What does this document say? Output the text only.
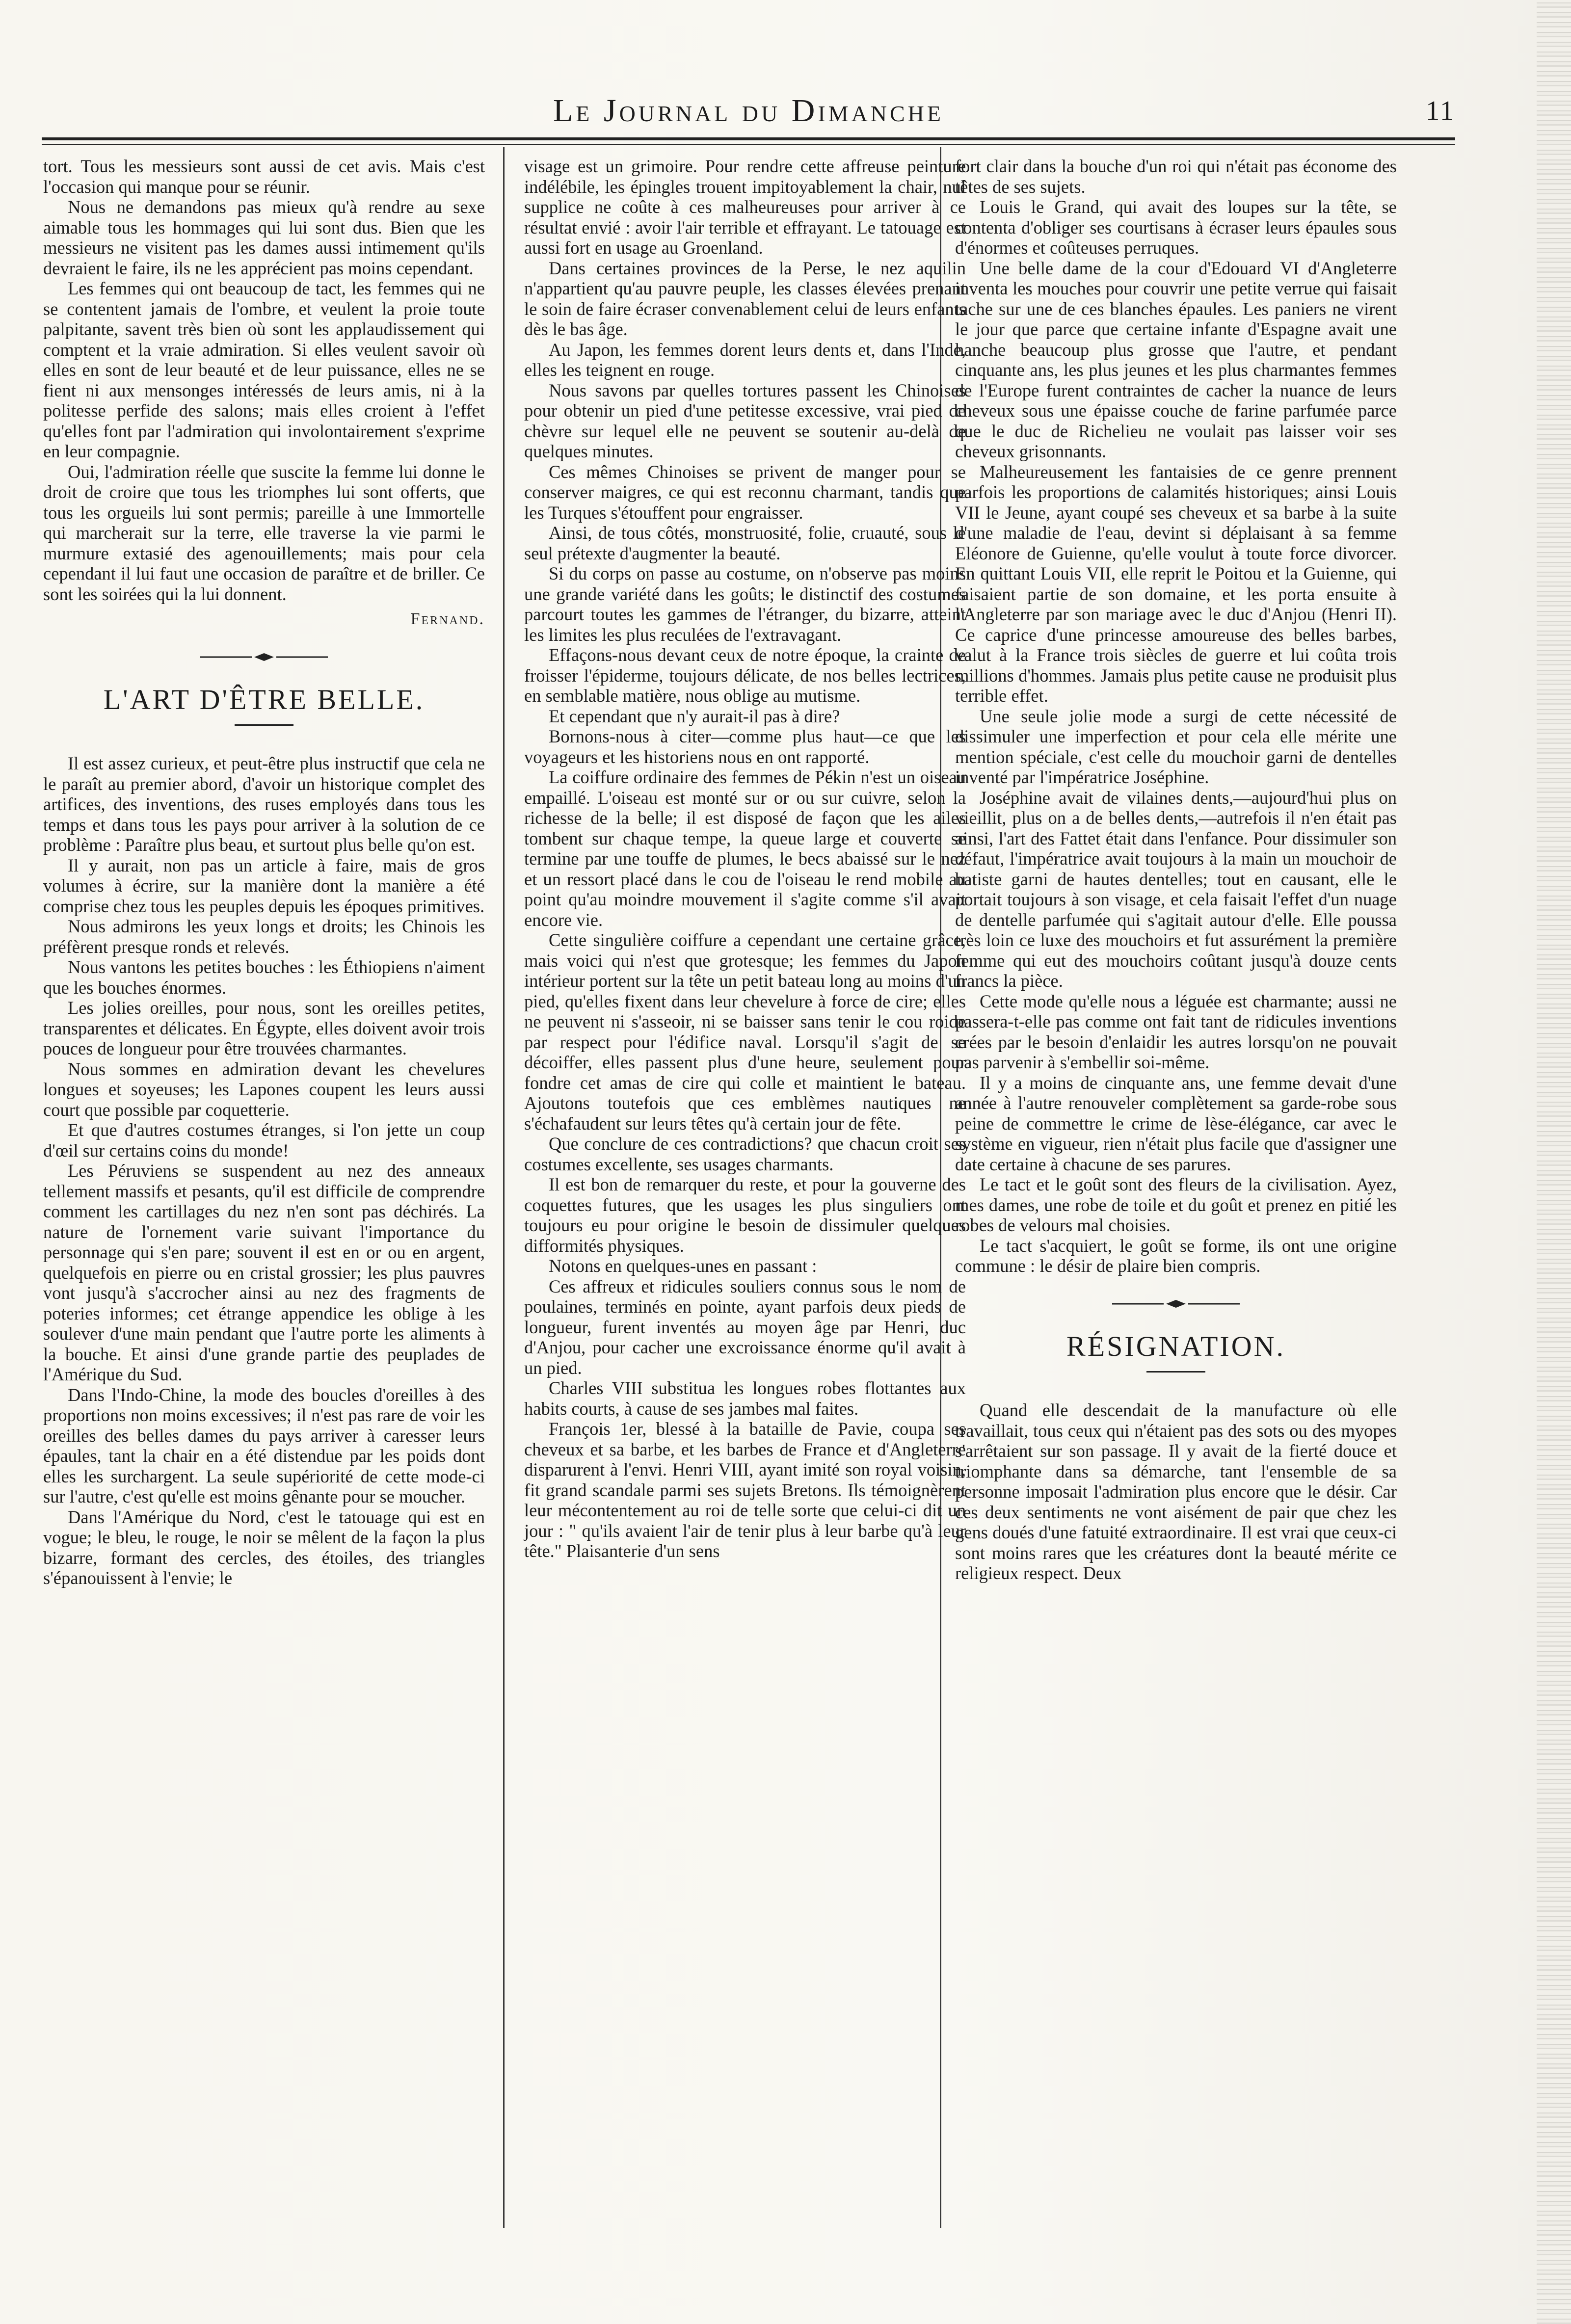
Le Journal du Dimanche	11

tort. Tous les messieurs sont aussi de cet avis. Mais c'est l'occasion qui manque pour se réunir.

Nous ne demandons pas mieux qu'à rendre au sexe aimable tous les hommages qui lui sont dus. Bien que les messieurs ne visitent pas les dames aussi intimement qu'ils devraient le faire, ils ne les apprécient pas moins cependant.

Les femmes qui ont beaucoup de tact, les femmes qui ne se contentent jamais de l'ombre, et veulent la proie toute palpitante, savent très bien où sont les applaudissement qui comptent et la vraie admiration. Si elles veulent savoir où elles en sont de leur beauté et de leur puissance, elles ne se fient ni aux mensonges intéressés de leurs amis, ni à la politesse perfide des salons; mais elles croient à l'effet qu'elles font par l'admiration qui involontairement s'exprime en leur compagnie.

Oui, l'admiration réelle que suscite la femme lui donne le droit de croire que tous les triomphes lui sont offerts, que tous les orgueils lui sont permis; pareille à une Immortelle qui marcherait sur la terre, elle traverse la vie parmi le murmure extasié des agenouillements; mais pour cela cependant il lui faut une occasion de paraître et de briller. Ce sont les soirées qui la lui donnent.

Fernand.
L'ART D'ÊTRE BELLE.

Il est assez curieux, et peut-être plus instructif que cela ne le paraît au premier abord, d'avoir un historique complet des artifices, des inventions, des ruses employés dans tous les temps et dans tous les pays pour arriver à la solution de ce problème : Paraître plus beau, et surtout plus belle qu'on est.

Il y aurait, non pas un article à faire, mais de gros volumes à écrire, sur la manière dont la manière a été comprise chez tous les peuples depuis les époques primitives.

Nous admirons les yeux longs et droits; les Chinois les préfèrent presque ronds et relevés.

Nous vantons les petites bouches : les Éthiopiens n'aiment que les bouches énormes.

Les jolies oreilles, pour nous, sont les oreilles petites, transparentes et délicates. En Égypte, elles doivent avoir trois pouces de longueur pour être trouvées charmantes.

Nous sommes en admiration devant les chevelures longues et soyeuses; les Lapones coupent les leurs aussi court que possible par coquetterie.

Et que d'autres costumes étranges, si l'on jette un coup d'œil sur certains coins du monde!

Les Péruviens se suspendent au nez des anneaux tellement massifs et pesants, qu'il est difficile de comprendre comment les cartillages du nez n'en sont pas déchirés. La nature de l'ornement varie suivant l'importance du personnage qui s'en pare; souvent il est en or ou en argent, quelquefois en pierre ou en cristal grossier; les plus pauvres vont jusqu'à s'accrocher ainsi au nez des fragments de poteries informes; cet étrange appendice les oblige à les soulever d'une main pendant que l'autre porte les aliments à la bouche. Et ainsi d'une grande partie des peuplades de l'Amérique du Sud.

Dans l'Indo-Chine, la mode des boucles d'oreilles à des proportions non moins excessives; il n'est pas rare de voir les oreilles des belles dames du pays arriver à caresser leurs épaules, tant la chair en a été distendue par les poids dont elles les surchargent. La seule supériorité de cette mode-ci sur l'autre, c'est qu'elle est moins gênante pour se moucher.

Dans l'Amérique du Nord, c'est le tatouage qui est en vogue; le bleu, le rouge, le noir se mêlent de la façon la plus bizarre, formant des cercles, des étoiles, des triangles s'épanouissent à l'envie; le

visage est un grimoire. Pour rendre cette affreuse peinture indélébile, les épingles trouent impitoyablement la chair, nul supplice ne coûte à ces malheureuses pour arriver à ce résultat envié : avoir l'air terrible et effrayant. Le tatouage est aussi fort en usage au Groenland.

Dans certaines provinces de la Perse, le nez aquilin n'appartient qu'au pauvre peuple, les classes élevées prenant le soin de faire écraser convenablement celui de leurs enfants dès le bas âge.

Au Japon, les femmes dorent leurs dents et, dans l'Inde, elles les teignent en rouge.

Nous savons par quelles tortures passent les Chinoises pour obtenir un pied d'une petitesse excessive, vrai pied de chèvre sur lequel elle ne peuvent se soutenir au-delà de quelques minutes.

Ces mêmes Chinoises se privent de manger pour se conserver maigres, ce qui est reconnu charmant, tandis que les Turques s'étouffent pour engraisser.

Ainsi, de tous côtés, monstruosité, folie, cruauté, sous le seul prétexte d'augmenter la beauté.

Si du corps on passe au costume, on n'observe pas moins une grande variété dans les goûts; le distinctif des costumes parcourt toutes les gammes de l'étranger, du bizarre, atteint les limites les plus reculées de l'extravagant.

Effaçons-nous devant ceux de notre époque, la crainte de froisser l'épiderme, toujours délicate, de nos belles lectrices, en semblable matière, nous oblige au mutisme.

Et cependant que n'y aurait-il pas à dire?

Bornons-nous à citer—comme plus haut—ce que les voyageurs et les historiens nous en ont rapporté.

La coiffure ordinaire des femmes de Pékin n'est un oiseau empaillé. L'oiseau est monté sur or ou sur cuivre, selon la richesse de la belle; il est disposé de façon que les ailes tombent sur chaque tempe, la queue large et couverte se termine par une touffe de plumes, le becs abaissé sur le nez et un ressort placé dans le cou de l'oiseau le rend mobile au point qu'au moindre mouvement il s'agite comme s'il avait encore vie.

Cette singulière coiffure a cependant une certaine grâce, mais voici qui n'est que grotesque; les femmes du Japon intérieur portent sur la tête un petit bateau long au moins d'un pied, qu'elles fixent dans leur chevelure à force de cire; elles ne peuvent ni s'asseoir, ni se baisser sans tenir le cou roide par respect pour l'édifice naval. Lorsqu'il s'agit de se décoiffer, elles passent plus d'une heure, seulement pour fondre cet amas de cire qui colle et maintient le bateau. Ajoutons toutefois que ces emblèmes nautiques ne s'échafaudent sur leurs têtes qu'à certain jour de fête.

Que conclure de ces contradictions? que chacun croit ses costumes excellente, ses usages charmants.

Il est bon de remarquer du reste, et pour la gouverne des coquettes futures, que les usages les plus singuliers ont toujours eu pour origine le besoin de dissimuler quelques difformités physiques.

Notons en quelques-unes en passant :

Ces affreux et ridicules souliers connus sous le nom de poulaines, terminés en pointe, ayant parfois deux pieds de longueur, furent inventés au moyen âge par Henri, duc d'Anjou, pour cacher une excroissance énorme qu'il avait à un pied.

Charles VIII substitua les longues robes flottantes aux habits courts, à cause de ses jambes mal faites.

François 1er, blessé à la bataille de Pavie, coupa ses cheveux et sa barbe, et les barbes de France et d'Angleterre disparurent à l'envi. Henri VIII, ayant imité son royal voisin, fit grand scandale parmi ses sujets Bretons. Ils témoignèrent leur mécontentement au roi de telle sorte que celui-ci dit un jour : " qu'ils avaient l'air de tenir plus à leur barbe qu'à leur tête." Plaisanterie d'un sens

fort clair dans la bouche d'un roi qui n'était pas économe des têtes de ses sujets.

Louis le Grand, qui avait des loupes sur la tête, se contenta d'obliger ses courtisans à écraser leurs épaules sous d'énormes et coûteuses perruques.

Une belle dame de la cour d'Edouard VI d'Angleterre inventa les mouches pour couvrir une petite verrue qui faisait tache sur une de ces blanches épaules. Les paniers ne virent le jour que parce que certaine infante d'Espagne avait une hanche beaucoup plus grosse que l'autre, et pendant cinquante ans, les plus jeunes et les plus charmantes femmes de l'Europe furent contraintes de cacher la nuance de leurs cheveux sous une épaisse couche de farine parfumée parce que le duc de Richelieu ne voulait pas laisser voir ses cheveux grisonnants.

Malheureusement les fantaisies de ce genre prennent parfois les proportions de calamités historiques; ainsi Louis VII le Jeune, ayant coupé ses cheveux et sa barbe à la suite d'une maladie de l'eau, devint si déplaisant à sa femme Eléonore de Guienne, qu'elle voulut à toute force divorcer. En quittant Louis VII, elle reprit le Poitou et la Guienne, qui faisaient partie de son domaine, et les porta ensuite à l'Angleterre par son mariage avec le duc d'Anjou (Henri II). Ce caprice d'une princesse amoureuse des belles barbes, valut à la France trois siècles de guerre et lui coûta trois millions d'hommes. Jamais plus petite cause ne produisit plus terrible effet.

Une seule jolie mode a surgi de cette nécessité de dissimuler une imperfection et pour cela elle mérite une mention spéciale, c'est celle du mouchoir garni de dentelles inventé par l'impératrice Joséphine.

Joséphine avait de vilaines dents,—aujourd'hui plus on vieillit, plus on a de belles dents,—autrefois il n'en était pas ainsi, l'art des Fattet était dans l'enfance. Pour dissimuler son défaut, l'impératrice avait toujours à la main un mouchoir de batiste garni de hautes dentelles; tout en causant, elle le portait toujours à son visage, et cela faisait l'effet d'un nuage de dentelle parfumée qui s'agitait autour d'elle. Elle poussa très loin ce luxe des mouchoirs et fut assurément la première femme qui eut des mouchoirs coûtant jusqu'à douze cents francs la pièce.

Cette mode qu'elle nous a léguée est charmante; aussi ne passera-t-elle pas comme ont fait tant de ridicules inventions crées par le besoin d'enlaidir les autres lorsqu'on ne pouvait pas parvenir à s'embellir soi-même.

Il y a moins de cinquante ans, une femme devait d'une année à l'autre renouveler complètement sa garde-robe sous peine de commettre le crime de lèse-élégance, car avec le système en vigueur, rien n'était plus facile que d'assigner une date certaine à chacune de ses parures.

Le tact et le goût sont des fleurs de la civilisation. Ayez, mes dames, une robe de toile et du goût et prenez en pitié les robes de velours mal choisies.

Le tact s'acquiert, le goût se forme, ils ont une origine commune : le désir de plaire bien compris.

RÉSIGNATION.

Quand elle descendait de la manufacture où elle travaillait, tous ceux qui n'étaient pas des sots ou des myopes s'arrêtaient sur son passage. Il y avait de la fierté douce et triomphante dans sa démarche, tant l'ensemble de sa personne imposait l'admiration plus encore que le désir. Car ces deux sentiments ne vont aisément de pair que chez les gens doués d'une fatuité extraordinaire. Il est vrai que ceux-ci sont moins rares que les créatures dont la beauté mérite ce religieux respect. Deux
